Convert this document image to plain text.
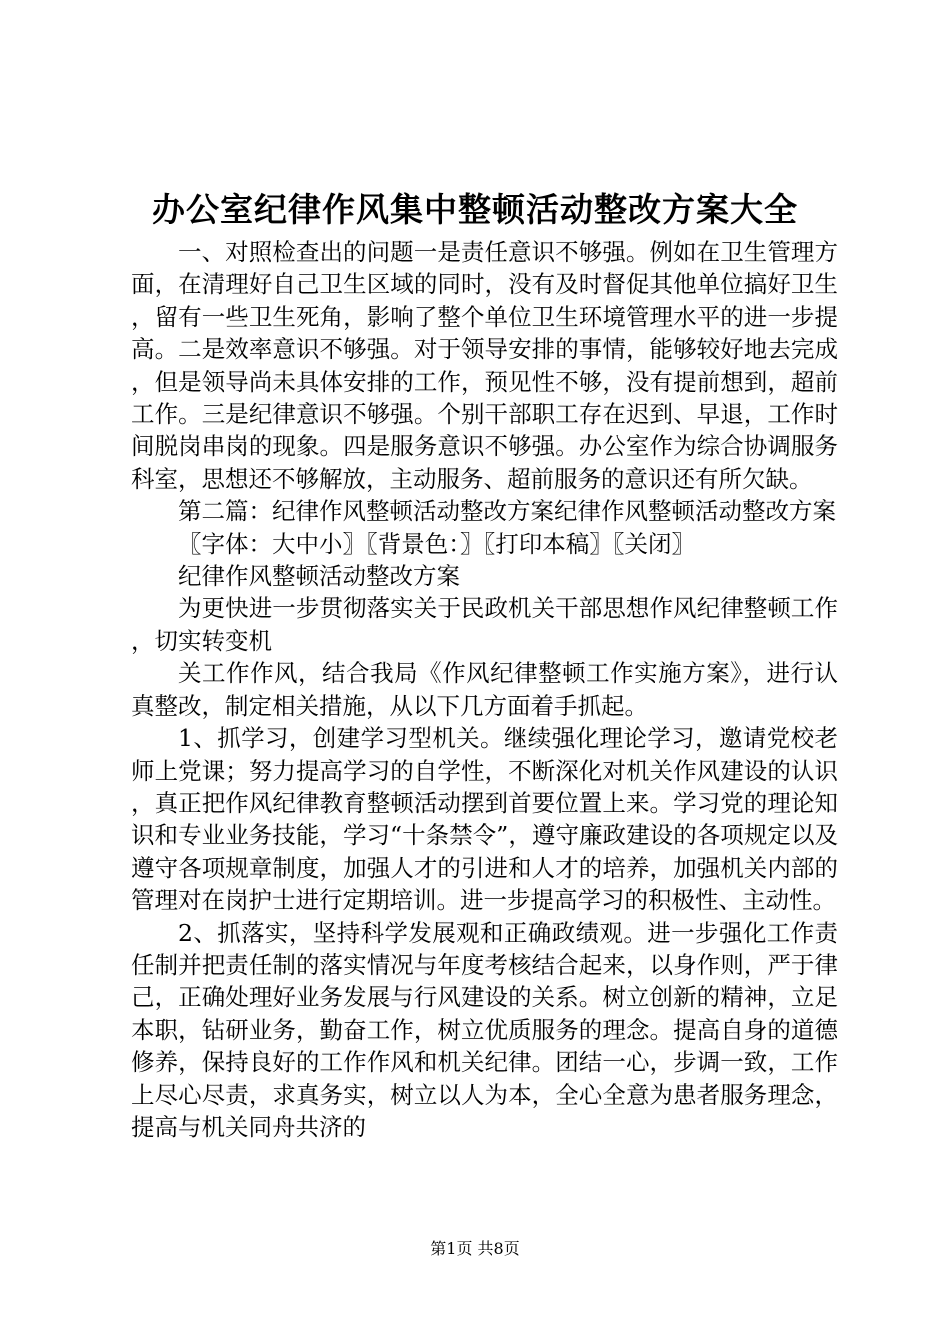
办公室纪律作风集中整顿活动整改方案大全

一、对照检查出的问题一是责任意识不够强。例如在卫生管理方面，在清理好自己卫生区域的同时，没有及时督促其他单位搞好卫生，留有一些卫生死角，影响了整个单位卫生环境管理水平的进一步提高。二是效率意识不够强。对于领导安排的事情，能够较好地去完成，但是领导尚未具体安排的工作，预见性不够，没有提前想到，超前工作。三是纪律意识不够强。个别干部职工存在迟到、早退，工作时间脱岗串岗的现象。四是服务意识不够强。办公室作为综合协调服务科室，思想还不够解放，主动服务、超前服务的意识还有所欠缺。

第二篇：纪律作风整顿活动整改方案纪律作风整顿活动整改方案

〖字体：大中小〗〖背景色：〗〖打印本稿〗〖关闭〗

纪律作风整顿活动整改方案

为更快进一步贯彻落实关于民政机关干部思想作风纪律整顿工作，切实转变机

关工作作风，结合我局《作风纪律整顿工作实施方案》，进行认真整改，制定相关措施，从以下几方面着手抓起。

1、抓学习，创建学习型机关。继续强化理论学习，邀请党校老师上党课；努力提高学习的自学性，不断深化对机关作风建设的认识，真正把作风纪律教育整顿活动摆到首要位置上来。学习党的理论知识和专业业务技能，学习“十条禁令”，遵守廉政建设的各项规定以及遵守各项规章制度，加强人才的引进和人才的培养，加强机关内部的管理对在岗护士进行定期培训。进一步提高学习的积极性、主动性。

2、抓落实，坚持科学发展观和正确政绩观。进一步强化工作责任制并把责任制的落实情况与年度考核结合起来，以身作则，严于律己，正确处理好业务发展与行风建设的关系。树立创新的精神，立足本职，钻研业务，勤奋工作，树立优质服务的理念。提高自身的道德修养，保持良好的工作作风和机关纪律。团结一心，步调一致，工作上尽心尽责，求真务实，树立以人为本，全心全意为患者服务理念，提高与机关同舟共济的

第1页 共8页
